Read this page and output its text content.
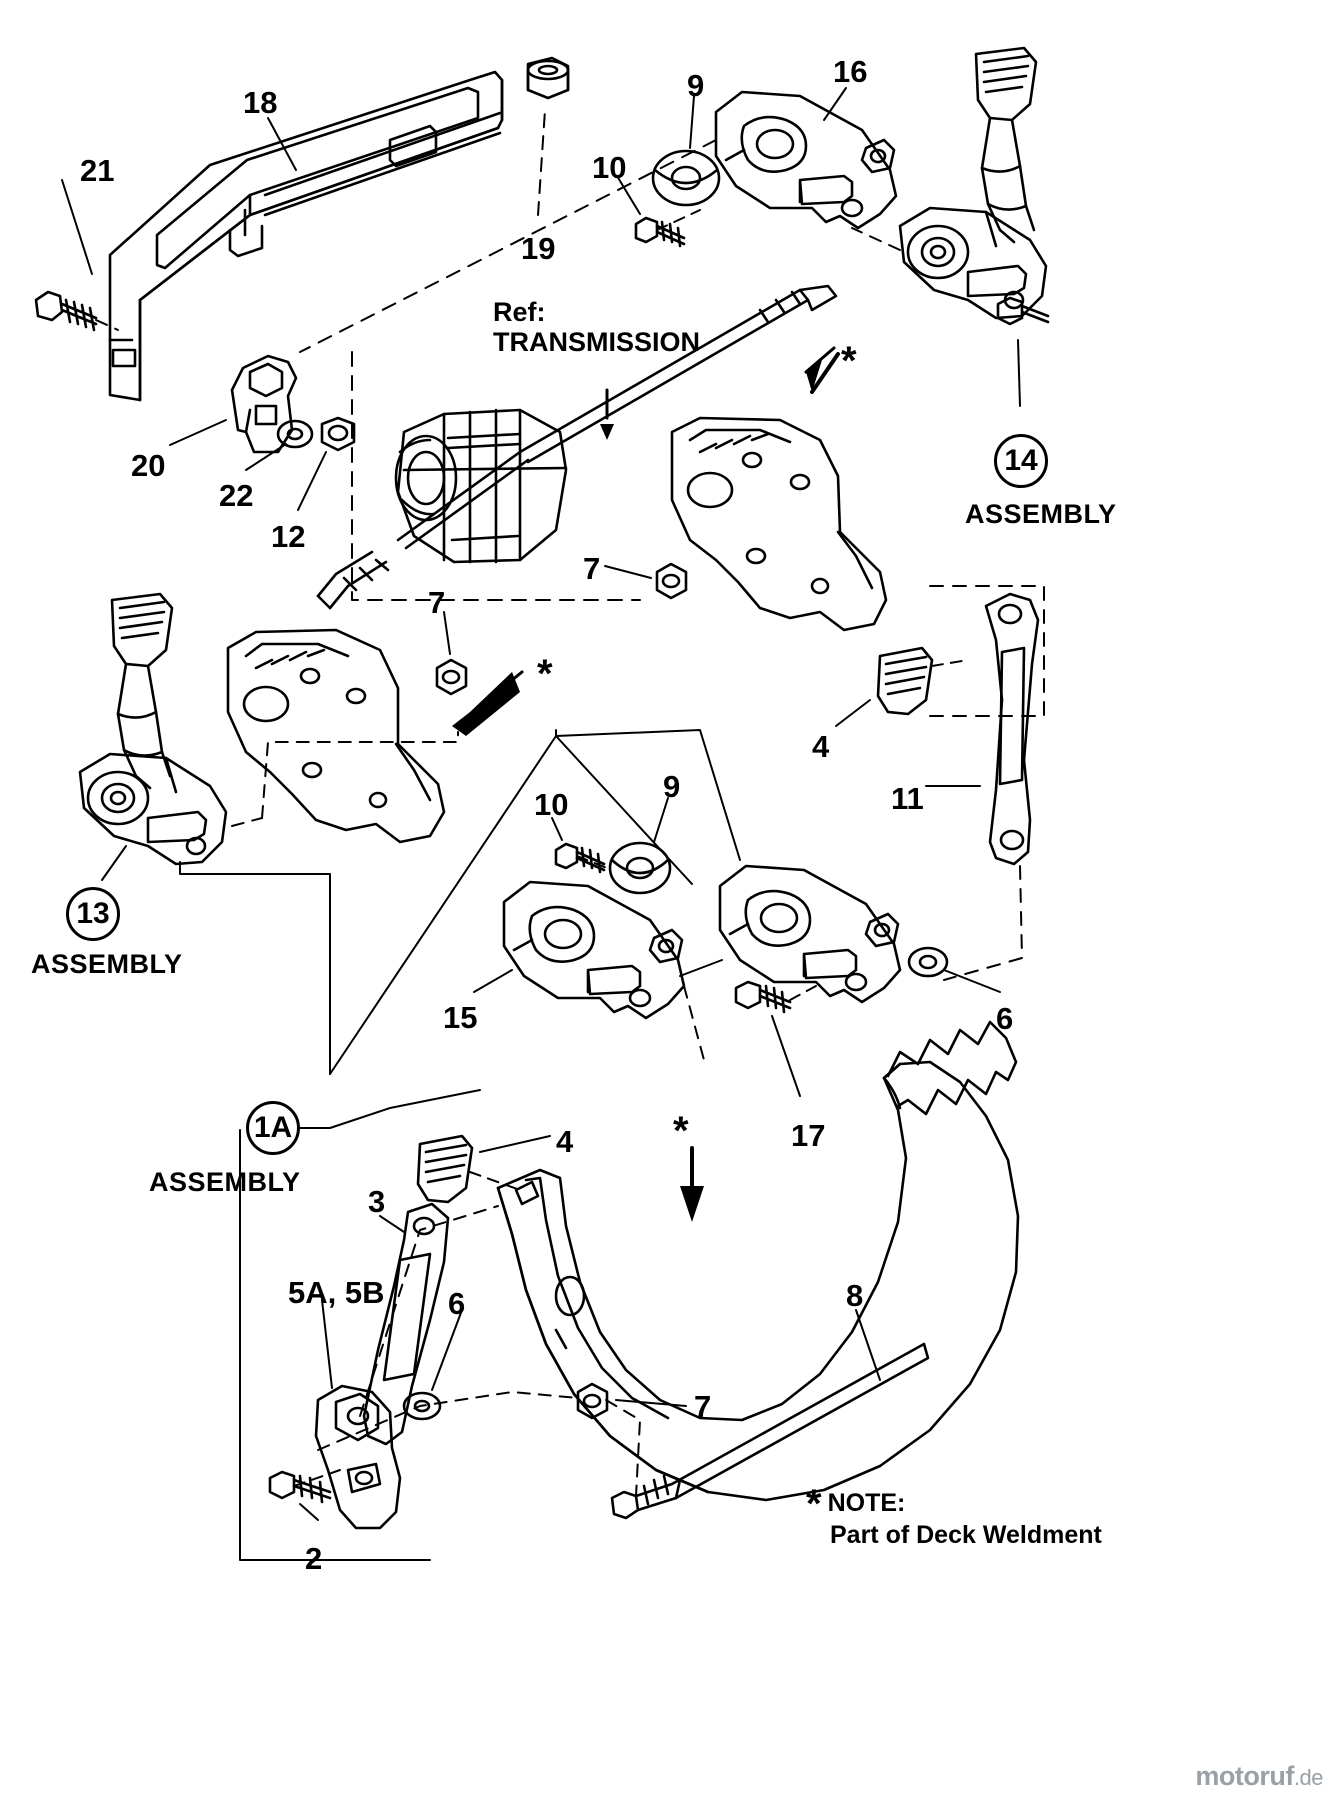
21
18
19
10
9	16
20
22
12
7
7
4
11
10
9
15	6
17
4
3
5A, 5B 6	8
7
2
14
ASSEMBLY
13
ASSEMBLY
1A
ASSEMBLY
*
*
*
Ref:
TRANSMISSION
* NOTE:
Part of Deck Weldment
motoruf.de
